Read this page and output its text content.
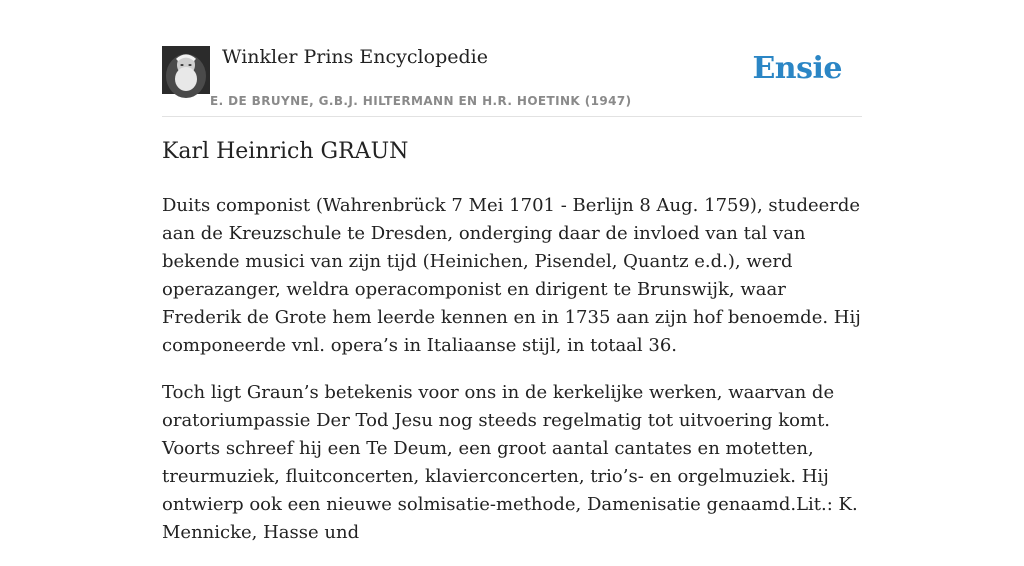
Winkler Prins Encyclopedie
E. DE BRUYNE, G.B.J. HILTERMANN EN H.R. HOETINK (1947)
Ensie
Karl Heinrich GRAUN

Duits componist (Wahrenbrück 7 Mei 1701 - Berlijn 8 Aug. 1759), studeerde aan de Kreuzschule te Dresden, onderging daar de invloed van tal van bekende musici van zijn tijd (Heinichen, Pisendel, Quantz e.d.), werd operazanger, weldra operacomponist en dirigent te Brunswijk, waar Frederik de Grote hem leerde kennen en in 1735 aan zijn hof benoemde. Hij componeerde vnl. opera’s in Italiaanse stijl, in totaal 36.

Toch ligt Graun’s betekenis voor ons in de kerkelijke werken, waarvan de oratoriumpassie Der Tod Jesu nog steeds regelmatig tot uitvoering komt. Voorts schreef hij een Te Deum, een groot aantal cantates en motetten, treurmuziek, fluitconcerten, klavierconcerten, trio’s- en orgelmuziek. Hij ontwierp ook een nieuwe solmisatie-methode, Damenisatie genaamd.Lit.: K. Mennicke, Hasse und
